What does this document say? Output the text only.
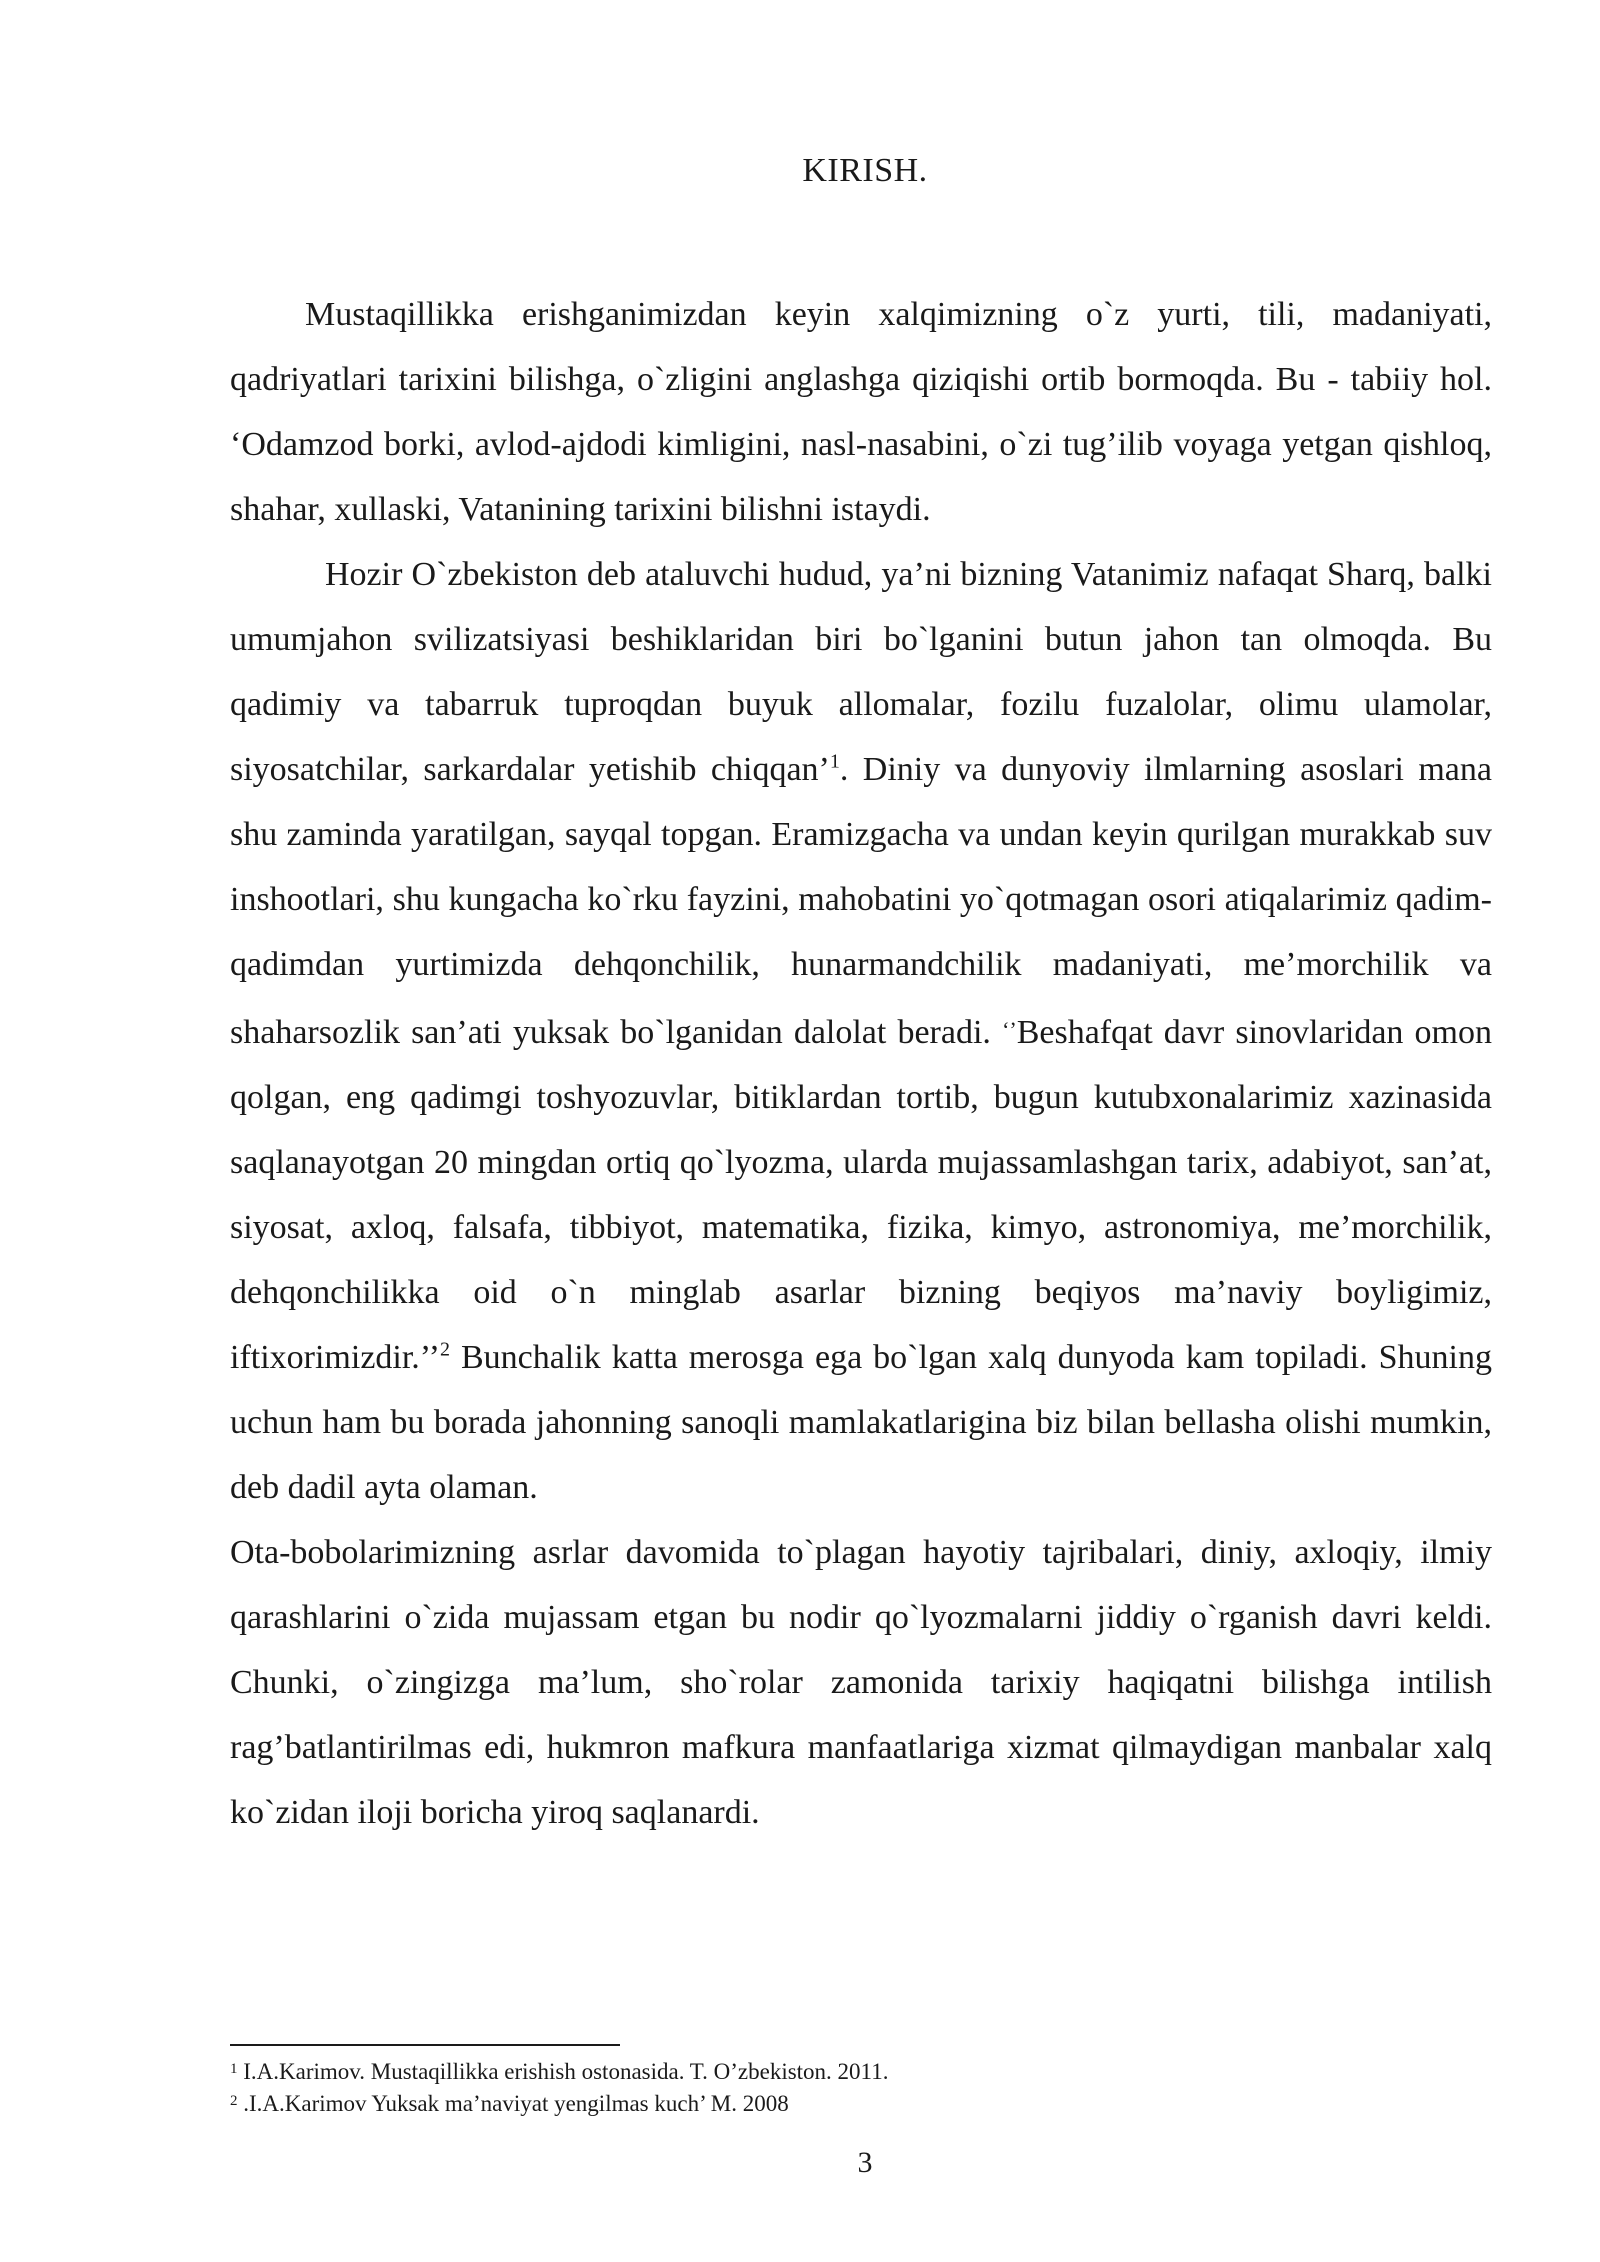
KIRISH.

Mustaqillikka erishganimizdan keyin xalqimizning o`z yurti, tili, madaniyati, qadriyatlari tarixini bilishga, o`zligini anglashga qiziqishi ortib bormoqda. Bu - tabiiy hol. ‘Odamzod borki, avlod-ajdodi kimligini, nasl-nasabini, o`zi tug’ilib voyaga yetgan qishloq, shahar, xullaski, Vatanining tarixini bilishni istaydi.

Hozir O`zbekiston deb ataluvchi hudud, ya’ni bizning Vatanimiz nafaqat Sharq, balki umumjahon svilizatsiyasi beshiklaridan biri bo`lganini butun jahon tan olmoqda. Bu qadimiy va tabarruk tuproqdan buyuk allomalar, fozilu fuzalolar, olimu ulamolar, siyosatchilar, sarkardalar yetishib chiqqan’$^1$. Diniy va dunyoviy ilmlarning asoslari mana shu zaminda yaratilgan, sayqal topgan. Eramizgacha va undan keyin qurilgan murakkab suv inshootlari, shu kungacha ko`rku fayzini, mahobatini yo`qotmagan osori atiqalarimiz qadim-qadimdan yurtimizda dehqonchilik, hunarmandchilik madaniyati, me’morchilik va shaharsozlik san’ati yuksak bo`lganidan dalolat beradi. ‘’Beshafqat davr sinovlaridan omon qolgan, eng qadimgi toshyozuvlar, bitiklardan tortib, bugun kutubxonalarimiz xazinasida saqlanayotgan 20 mingdan ortiq qo`lyozma, ularda mujassamlashgan tarix, adabiyot, san’at, siyosat, axloq, falsafa, tibbiyot, matematika, fizika, kimyo, astronomiya, me’morchilik, dehqonchilikka oid o`n minglab asarlar bizning beqiyos ma’naviy boyligimiz, iftixorimizdir.’’$^2$ Bunchalik katta merosga ega bo`lgan xalq dunyoda kam topiladi. Shuning uchun ham bu borada jahonning sanoqli mamlakatlarigina biz bilan bellasha olishi mumkin, deb dadil ayta olaman.

Ota-bobolarimizning asrlar davomida to`plagan hayotiy tajribalari, diniy, axloqiy, ilmiy qarashlarini o`zida mujassam etgan bu nodir qo`lyozmalarni jiddiy o`rganish davri keldi. Chunki, o`zingizga ma’lum, sho`rolar zamonida tarixiy haqiqatni bilishga intilish rag’batlantirilmas edi, hukmron mafkura manfaatlariga xizmat qilmaydigan manbalar xalq ko`zidan iloji boricha yiroq saqlanardi.

$^1$ I.A.Karimov. Mustaqillikka erishish ostonasida. T. O’zbekiston. 2011.

$^2$ .I.A.Karimov Yuksak ma’naviyat yengilmas kuch’ M. 2008

3
